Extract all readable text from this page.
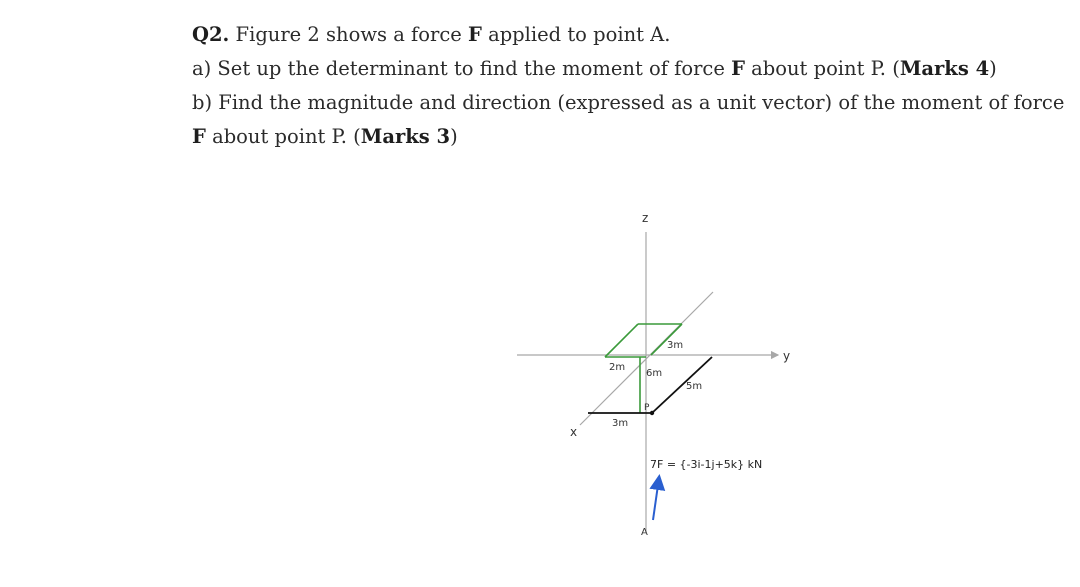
Q2. Figure 2 shows a force F applied to point A.
a) Set up the determinant to find the moment of force F about point P. (Marks 4)
b) Find the magnitude and direction (expressed as a unit vector) of the moment of force
F about point P. (Marks 3)
z
y
x
3m
2m
6m
5m
3m
P
A
7F = {-3i-1j+5k} kN
